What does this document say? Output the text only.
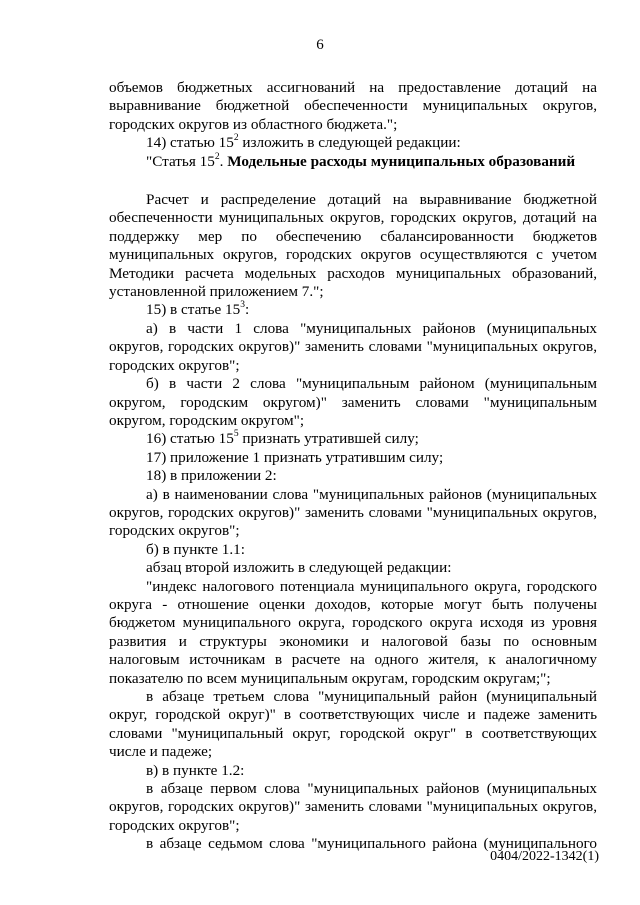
6

объемов бюджетных ассигнований на предоставление дотаций на

выравнивание бюджетной обеспеченности муниципальных округов,

городских округов из областного бюджета.";

14) статью $15^2$ изложить в следующей редакции:

"Статья $15^2$. Модельные расходы муниципальных образований

Расчет и распределение дотаций на выравнивание бюджетной

обеспеченности муниципальных округов, городских округов, дотаций на

поддержку мер по обеспечению сбалансированности бюджетов

муниципальных округов, городских округов осуществляются с учетом

Методики расчета модельных расходов муниципальных образований,

установленной приложением 7.";

15) в статье $15^3$:

а) в части 1 слова "муниципальных районов (муниципальных

округов, городских округов)" заменить словами "муниципальных округов,

городских округов";

б) в части 2 слова "муниципальным районом (муниципальным

округом, городским округом)" заменить словами "муниципальным

округом, городским округом";

16) статью $15^5$ признать утратившей силу;

17) приложение 1 признать утратившим силу;

18) в приложении 2:

а) в наименовании слова "муниципальных районов (муниципальных

округов, городских округов)" заменить словами "муниципальных округов,

городских округов";

б) в пункте 1.1:

абзац второй изложить в следующей редакции:

"индекс налогового потенциала муниципального округа, городского

округа - отношение оценки доходов, которые могут быть получены

бюджетом муниципального округа, городского округа исходя из уровня

развития и структуры экономики и налоговой базы по основным

налоговым источникам в расчете на одного жителя, к аналогичному

показателю по всем муниципальным округам, городским округам;";

в абзаце третьем слова "муниципальный район (муниципальный

округ, городской округ)" в соответствующих числе и падеже заменить

словами "муниципальный округ, городской округ" в соответствующих

числе и падеже;

в) в пункте 1.2:

в абзаце первом слова "муниципальных районов (муниципальных

округов, городских округов)" заменить словами "муниципальных округов,

городских округов";

в абзаце седьмом слова "муниципального района (муниципального

0404/2022-1342(1)
